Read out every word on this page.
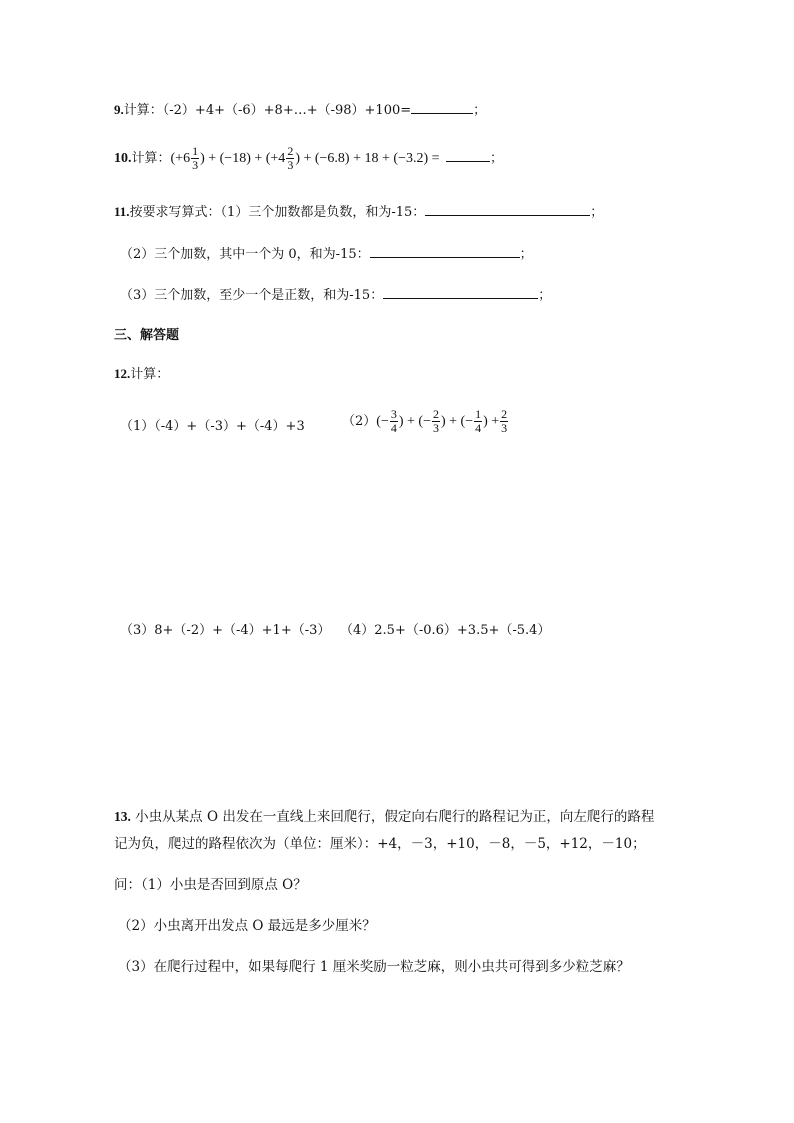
9.计算：（-2）+4+（-6）+8+…+（-98）+100=	；
10.计算：($+6 \frac{1}{3}$ ) + $(-18) + (+4 \frac{2}{3}$ ) + (−6.8) + 18 + (−3.2) =	；
11.按要求写算式：（1）三个加数都是负数，和为-15：	；
（2）三个加数，其中一个为 0，和为-15：	；
（3）三个加数，至少一个是正数，和为-15：	；
三、解答题
12.计算：
（1）（-4）+（-3）+（-4）+3	$(2)(- \frac{3}{4}$ ) + (− $\frac{2}{3}$ ) + (− $\frac{1}{4}$ ) + $\frac{2}{3}$
（3）8+（-2）+（-4）+1+（-3） （4）2.5+（-0.6）+3.5+（-5.4）
13. 小虫从某点 O 出发在一直线上来回爬行，假定向右爬行的路程记为正，向左爬行的路程
记为负，爬过的路程依次为（单位：厘米）：+4，－3，+10，－8，－5，+12，－10；
问：（1）小虫是否回到原点 O？
（2）小虫离开出发点 O 最远是多少厘米？
（3）在爬行过程中，如果每爬行 1 厘米奖励一粒芝麻，则小虫共可得到多少粒芝麻？
